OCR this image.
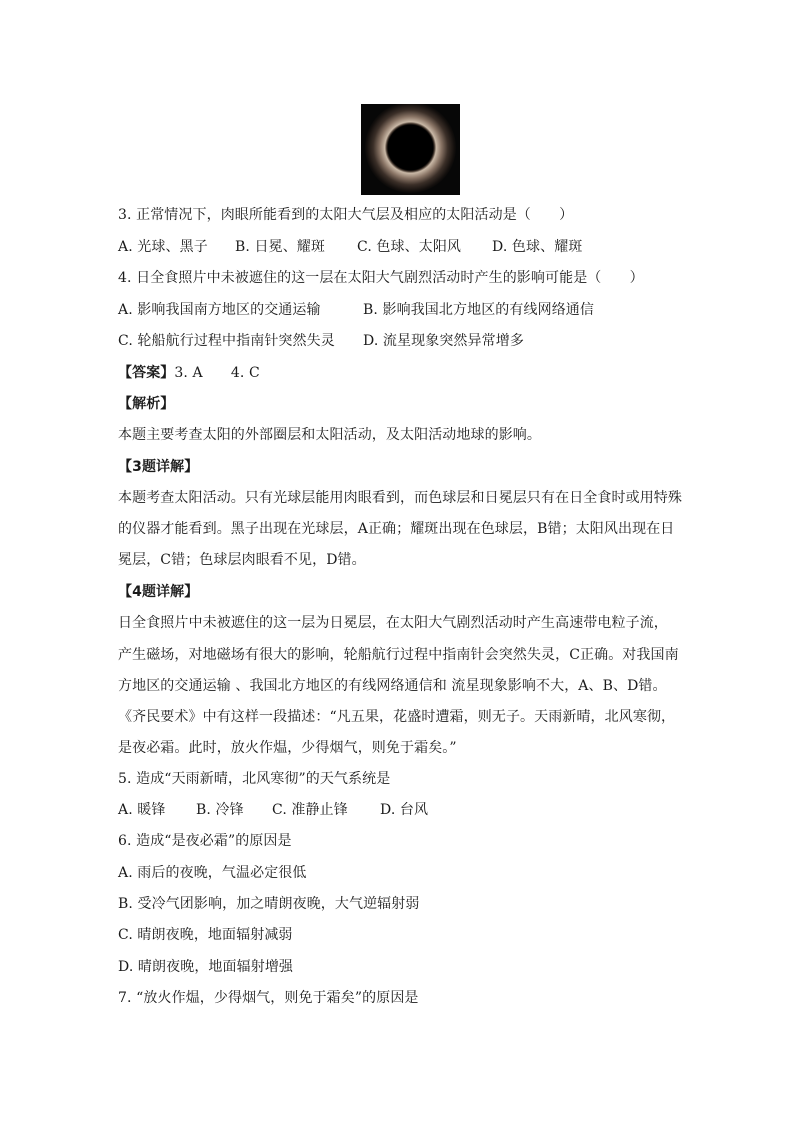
3. 正常情况下，肉眼所能看到的太阳大气层及相应的太阳活动是（　　）
A. 光球、黑子 B. 日冕、耀斑 C. 色球、太阳风 D. 色球、耀斑
4. 日全食照片中未被遮住的这一层在太阳大气剧烈活动时产生的影响可能是（　　）
A. 影响我国南方地区的交通运输	B. 影响我国北方地区的有线网络通信
C. 轮船航行过程中指南针突然失灵 D. 流星现象突然异常增多
【答案】3. A　　4. C
【解析】
本题主要考查太阳的外部圈层和太阳活动，及太阳活动地球的影响。
【3题详解】
本题考查太阳活动。只有光球层能用肉眼看到，而色球层和日冕层只有在日全食时或用特殊
的仪器才能看到。黑子出现在光球层，A正确；耀斑出现在色球层，B错；太阳风出现在日
冕层，C错；色球层肉眼看不见，D错。
【4题详解】
日全食照片中未被遮住的这一层为日冕层，在太阳大气剧烈活动时产生高速带电粒子流，
产生磁场，对地磁场有很大的影响，轮船航行过程中指南针会突然失灵，C正确。对我国南
方地区的交通运输 、我国北方地区的有线网络通信和 流星现象影响不大，A、B、D错。
《齐民要术》中有这样一段描述：“凡五果，花盛时遭霜，则无子。天雨新晴，北风寒彻，
是夜必霜。此时，放火作煴，少得烟气，则免于霜矣。”
5. 造成“天雨新晴，北风寒彻”的天气系统是
A. 暖锋 B. 冷锋 C. 准静止锋 D. 台风
6. 造成“是夜必霜”的原因是
A. 雨后的夜晚，气温必定很低
B. 受冷气团影响，加之晴朗夜晚，大气逆辐射弱
C. 晴朗夜晚，地面辐射减弱
D. 晴朗夜晚，地面辐射增强
7. “放火作煴，少得烟气，则免于霜矣”的原因是
